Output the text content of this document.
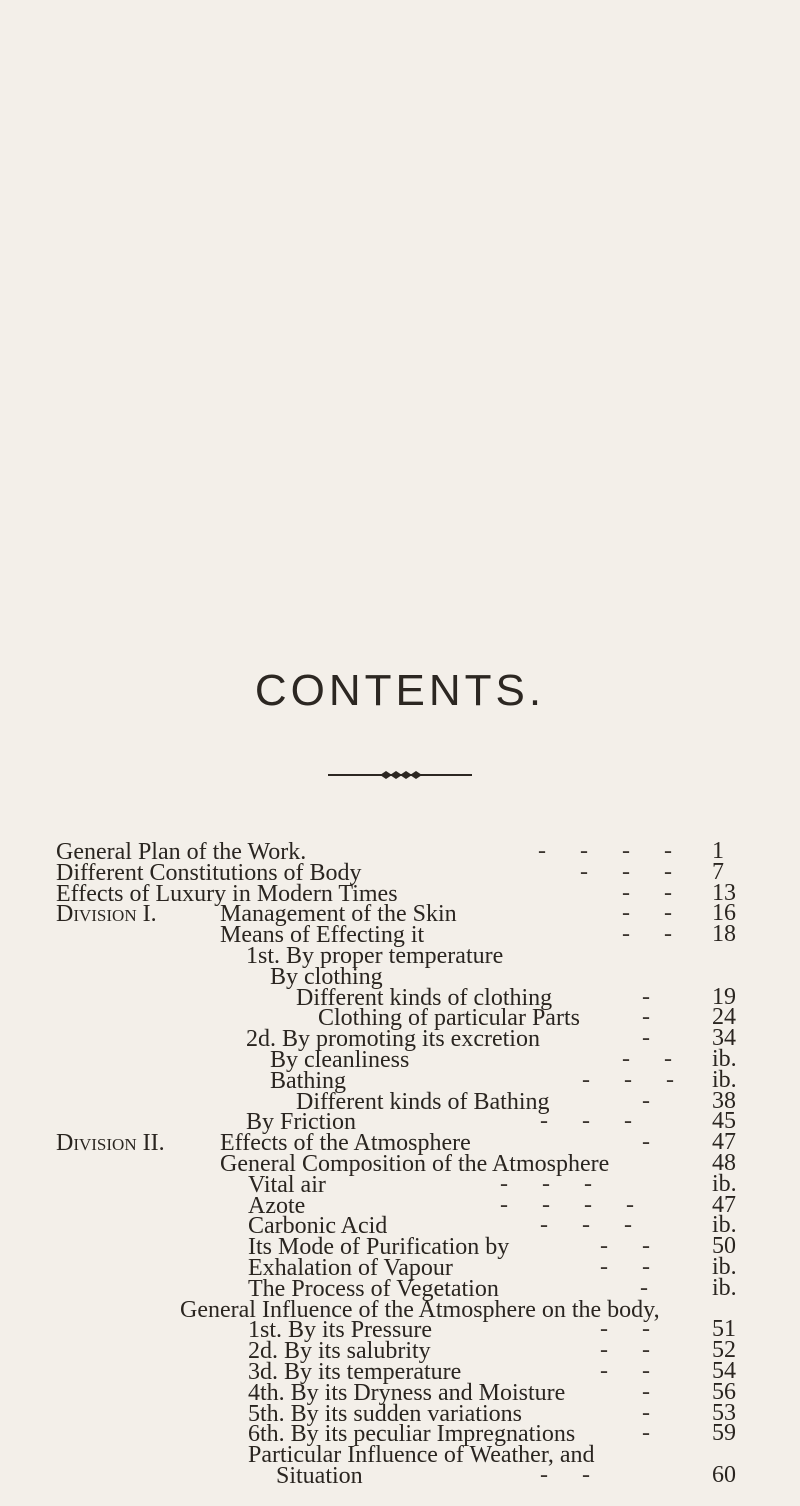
CONTENTS.
General Plan of the Work.	- - - - 1
Different Constitutions of Body	- - - 7
Effects of Luxury in Modern Times	- - 13
Division I.	Management of the Skin	- - 16
Means of Effecting it	- - 18
1st. By proper temperature
By clothing
Different kinds of clothing	- 19
Clothing of particular Parts	- 24
2d. By promoting its excretion	- 34
By cleanliness	- - ib.
Bathing	- - - ib.
Different kinds of Bathing	- 38
By Friction	- - -	45
Division II. Effects of the Atmosphere	- 47
General Composition of the Atmosphere	48
Vital air	- - -	ib.
Azote	- - - -	47
Carbonic Acid	- - -	ib.
Its Mode of Purification by	- - 50
Exhalation of Vapour	- - ib.
The Process of Vegetation	- ib.
General Influence of the Atmosphere on the body,
1st. By its Pressure	- - 51
2d. By its salubrity	- - 52
3d. By its temperature	- - 54
4th. By its Dryness and Moisture	- 56
5th. By its sudden variations	- 53
6th. By its peculiar Impregnations	- 59
Particular Influence of Weather, and
Situation	- -	60
